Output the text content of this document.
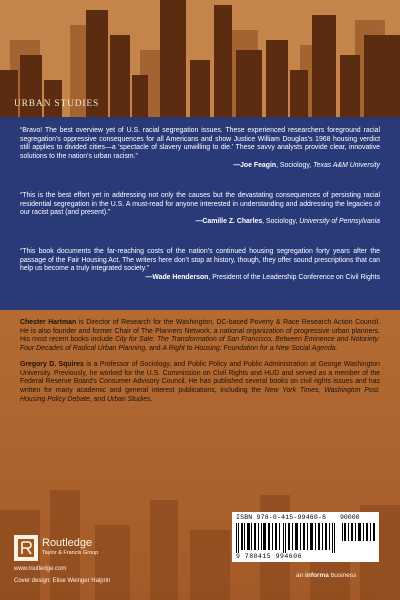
URBAN STUDIES

“Bravo! The best overview yet of U.S. racial segregation issues. These experienced researchers foreground racial segregation’s oppressive consequences for all Americans and show Justice William Douglas’s 1968 housing verdict still applies to divided cities—a ‘spectacle of slavery unwilling to die.’ These savvy analysts provide clear, innovative solutions to the nation’s urban racism.”

—Joe Feagin, Sociology, Texas A&M University

“This is the best effort yet in addressing not only the causes but the devastating consequences of persisting racial residential segregation in the U.S. A must-read for anyone interested in understanding and addressing the legacies of our racist past (and present).”

—Camille Z. Charles, Sociology, University of Pennsylvania

“This book documents the far-reaching costs of the nation’s continued housing segregation forty years after the passage of the Fair Housing Act. The writers here don’t stop at history, though, they offer sound prescriptions that can help us become a truly integrated society.”

—Wade Henderson, President of the Leadership Conference on Civil Rights

Chester Hartman is Director of Research for the Washington, DC-based Poverty & Race Research Action Council. He is also founder and former Chair of The Planners Network, a national organization of progressive urban planners. His most recent books include City for Sale: The Transformation of San Francisco, Between Eminence and Notoriety: Four Decades of Radical Urban Planning, and A Right to Housing: Foundation for a New Social Agenda.

Gregory D. Squires is a Professor of Sociology, and Public Policy and Public Administration at George Washington University. Previously, he worked for the U.S. Commission on Civil Rights and HUD and served as a member of the Federal Reserve Board’s Consumer Advisory Council. He has published several books on civil rights issues and has written for many academic and general interest publications, including the New York Times, Washington Post, Housing Policy Debate, and Urban Studies.

Routledge
Taylor & Francis Group
www.routledge.com
Cover design: Elise Weinger Halprin
ISBN 978-0-415-99460-6 90000
9 780415 994606
an informa business
